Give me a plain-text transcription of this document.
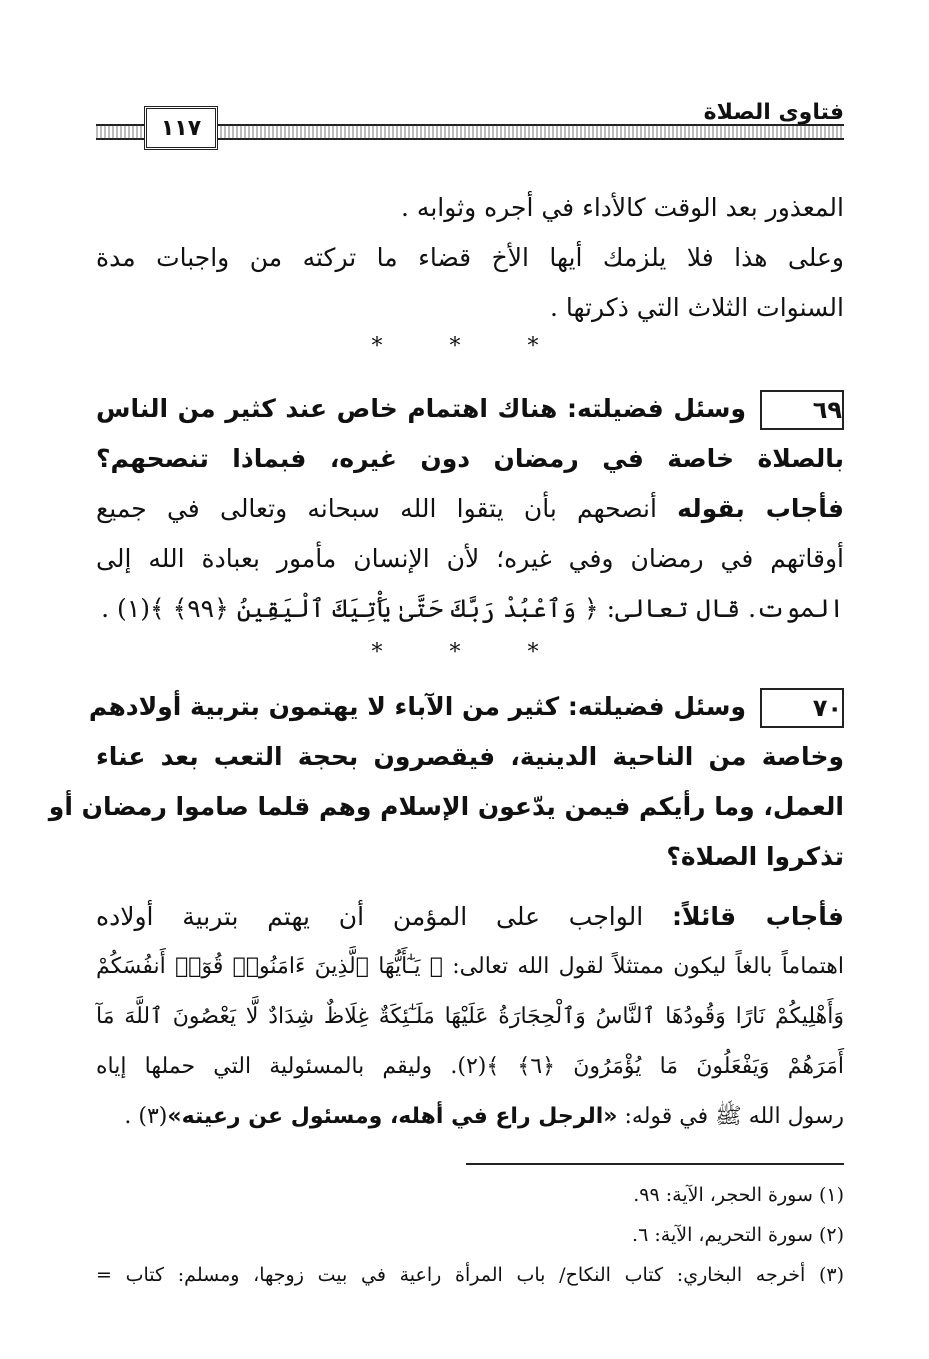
فتاوى الصلاة
١١٧
المعذور بعد الوقت كالأداء في أجره وثوابه .
وعلى هذا فلا يلزمك أيها الأخ قضاء ما تركته من واجبات مدة
السنوات الثلاث التي ذكرتها .
* * *
٦٩وسئل فضيلته: هناك اهتمام خاص عند كثير من الناس
بالصلاة خاصة في رمضان دون غيره، فبماذا تنصحهم؟
فأجاب بقوله أنصحهم بأن يتقوا الله سبحانه وتعالى في جميع
أوقاتهم في رمضان وفي غيره؛ لأن الإنسان مأمور بعبادة الله إلى
الموت. قال تعالى: ﴿ وَٱعْبُدْ رَبَّكَ حَتَّىٰ يَأْتِيَكَ ٱلْيَقِينُ ﴿٩٩﴾ ﴾(١) .
* * *
٧٠وسئل فضيلته: كثير من الآباء لا يهتمون بتربية أولادهم
وخاصة من الناحية الدينية، فيقصرون بحجة التعب بعد عناء
العمل، وما رأيكم فيمن يدّعون الإسلام وهم قلما صاموا رمضان أو
تذكروا الصلاة؟
فأجاب قائلاً: الواجب على المؤمن أن يهتم بتربية أولاده
اهتماماً بالغاً ليكون ممتثلاً لقول الله تعالى: ﴿ يَـٰٓأَيُّهَا ٱلَّذِينَ ءَامَنُوا۟ قُوٓا۟ أَنفُسَكُمْ
وَأَهْلِيكُمْ نَارًا وَقُودُهَا ٱلنَّاسُ وَٱلْحِجَارَةُ عَلَيْهَا مَلَـٰٓئِكَةٌ غِلَاظٌ شِدَادٌ لَّا يَعْصُونَ ٱللَّهَ مَآ
أَمَرَهُمْ وَيَفْعَلُونَ مَا يُؤْمَرُونَ ﴿٦﴾ ﴾(٢). وليقم بالمسئولية التي حملها إياه
رسول الله ﷺ في قوله: «الرجل راع في أهله، ومسئول عن رعيته»(٣) .
(١) سورة الحجر، الآية: ٩٩.
(٢) سورة التحريم، الآية: ٦.
(٣) أخرجه البخاري: كتاب النكاح/ باب المرأة راعية في بيت زوجها، ومسلم: كتاب =
